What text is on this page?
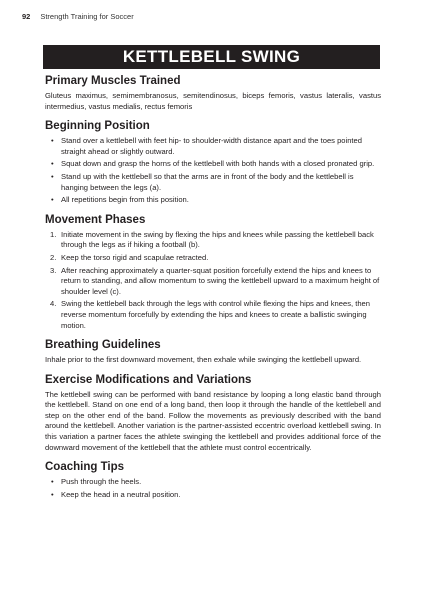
92 Strength Training for Soccer
KETTLEBELL SWING
Primary Muscles Trained

Gluteus maximus, semimembranosus, semitendinosus, biceps femoris, vastus lateralis, vastus intermedius, vastus medialis, rectus femoris

Beginning Position
• Stand over a kettlebell with feet hip- to shoulder-width distance apart and the toes pointed straight ahead or slightly outward.
• Squat down and grasp the horns of the kettlebell with both hands with a closed pronated grip.
• Stand up with the kettlebell so that the arms are in front of the body and the kettlebell is hanging between the legs (a).
• All repetitions begin from this position.
Movement Phases
1. Initiate movement in the swing by flexing the hips and knees while passing the kettlebell back through the legs as if hiking a football (b).
2. Keep the torso rigid and scapulae retracted.
3. After reaching approximately a quarter-squat position forcefully extend the hips and knees to return to standing, and allow momentum to swing the kettlebell upward to a maximum height of shoulder level (c).
4. Swing the kettlebell back through the legs with control while flexing the hips and knees, then reverse momentum forcefully by extending the hips and knees to create a ballistic swinging motion.
Breathing Guidelines

Inhale prior to the first downward movement, then exhale while swinging the kettlebell upward.

Exercise Modifications and Variations

The kettlebell swing can be performed with band resistance by looping a long elastic band through the kettlebell. Stand on one end of a long band, then loop it through the handle of the kettlebell and step on the other end of the band. Follow the movements as previously described with the band around the kettlebell. Another variation is the partner-assisted eccentric overload kettlebell swing. In this variation a partner faces the athlete swinging the kettlebell and provides additional force of the downward movement of the kettlebell that the athlete must control eccentrically.

Coaching Tips
• Push through the heels.
• Keep the head in a neutral position.
